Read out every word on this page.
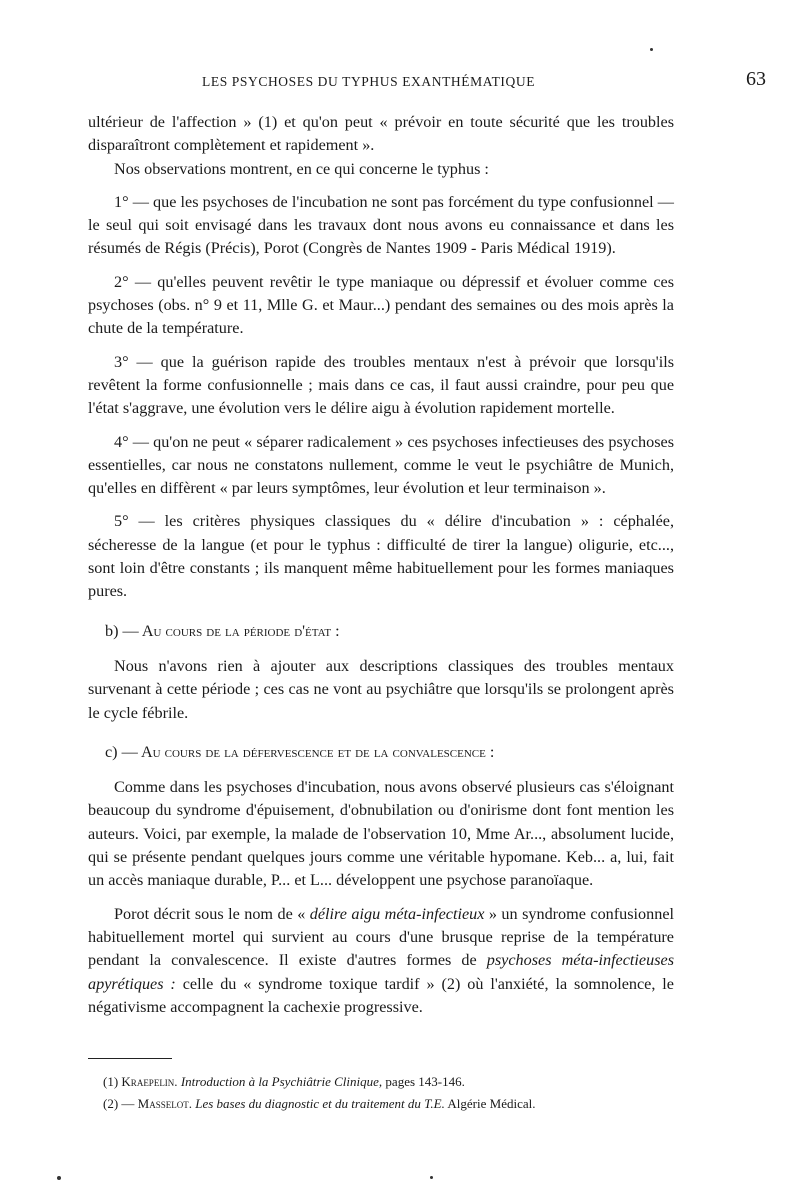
LES PSYCHOSES DU TYPHUS EXANTHÉMATIQUE	63

ultérieur de l'affection » (1) et qu'on peut « prévoir en toute sécurité que les troubles disparaîtront complètement et rapidement ».

Nos observations montrent, en ce qui concerne le typhus :

1° — que les psychoses de l'incubation ne sont pas forcément du type confusionnel — le seul qui soit envisagé dans les travaux dont nous avons eu connaissance et dans les résumés de Régis (Précis), Porot (Congrès de Nantes 1909 - Paris Médical 1919).

2° — qu'elles peuvent revêtir le type maniaque ou dépressif et évoluer comme ces psychoses (obs. n° 9 et 11, Mlle G. et Maur...) pendant des semaines ou des mois après la chute de la température.

3° — que la guérison rapide des troubles mentaux n'est à prévoir que lorsqu'ils revêtent la forme confusionnelle ; mais dans ce cas, il faut aussi craindre, pour peu que l'état s'aggrave, une évolution vers le délire aigu à évolution rapidement mortelle.

4° — qu'on ne peut « séparer radicalement » ces psychoses infectieuses des psychoses essentielles, car nous ne constatons nullement, comme le veut le psychiâtre de Munich, qu'elles en diffèrent « par leurs symptômes, leur évolution et leur terminaison ».

5° — les critères physiques classiques du « délire d'incubation » : céphalée, sécheresse de la langue (et pour le typhus : difficulté de tirer la langue) oligurie, etc..., sont loin d'être constants ; ils manquent même habituellement pour les formes maniaques pures.

b) — Au cours de la période d'état :

Nous n'avons rien à ajouter aux descriptions classiques des troubles mentaux survenant à cette période ; ces cas ne vont au psychiâtre que lorsqu'ils se prolongent après le cycle fébrile.

c) — Au cours de la défervescence et de la convalescence :

Comme dans les psychoses d'incubation, nous avons observé plusieurs cas s'éloignant beaucoup du syndrome d'épuisement, d'obnubilation ou d'onirisme dont font mention les auteurs. Voici, par exemple, la malade de l'observation 10, Mme Ar..., absolument lucide, qui se présente pendant quelques jours comme une véritable hypomane. Keb... a, lui, fait un accès maniaque durable, P... et L... développent une psychose paranoïaque.

Porot décrit sous le nom de « délire aigu méta-infectieux » un syndrome confusionnel habituellement mortel qui survient au cours d'une brusque reprise de la température pendant la convalescence. Il existe d'autres formes de psychoses méta-infectieuses apyrétiques : celle du « syndrome toxique tardif » (2) où l'anxiété, la somnolence, le négativisme accompagnent la cachexie progressive.

(1) Kraepelin. Introduction à la Psychiâtrie Clinique, pages 143-146.
(2) — Masselot. Les bases du diagnostic et du traitement du T.E. Algérie Médical.
